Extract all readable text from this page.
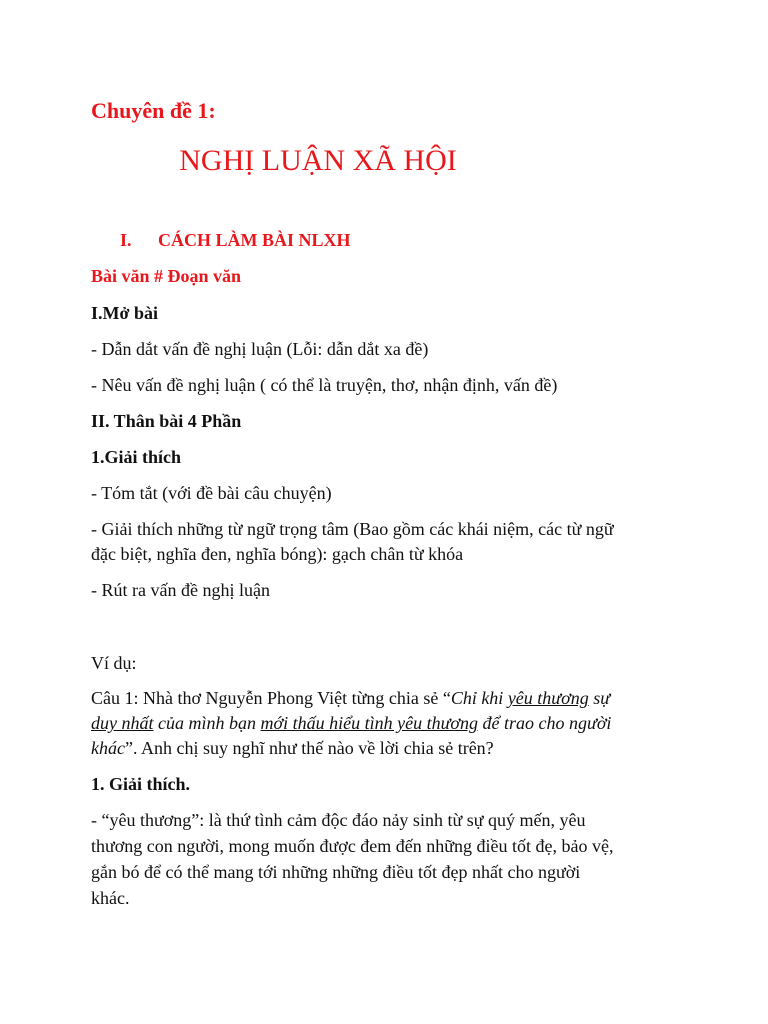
Chuyên đề 1:
NGHỊ LUẬN XÃ HỘI
I. CÁCH LÀM BÀI NLXH
Bài văn # Đoạn văn
I.Mở bài
- Dẫn dắt vấn đề nghị luận (Lỗi: dẫn dắt xa đề)
- Nêu vấn đề nghị luận ( có thể là truyện, thơ, nhận định, vấn đề)
II. Thân bài 4 Phần
1.Giải thích
- Tóm tắt (với đề bài câu chuyện)
- Giải thích những từ ngữ trọng tâm (Bao gồm các khái niệm, các từ ngữ
đặc biệt, nghĩa đen, nghĩa bóng): gạch chân từ khóa
- Rút ra vấn đề nghị luận
Ví dụ:
Câu 1: Nhà thơ Nguyễn Phong Việt từng chia sẻ “Chỉ khi yêu thương sự
duy nhất của mình bạn mới thấu hiểu tình yêu thương để trao cho người
khác”. Anh chị suy nghĩ như thế nào về lời chia sẻ trên?
1. Giải thích.
- “yêu thương”: là thứ tình cảm độc đáo nảy sinh từ sự quý mến, yêu
thương con người, mong muốn được đem đến những điều tốt đẹ, bảo vệ,
gắn bó để có thể mang tới những những điều tốt đẹp nhất cho người
khác.
